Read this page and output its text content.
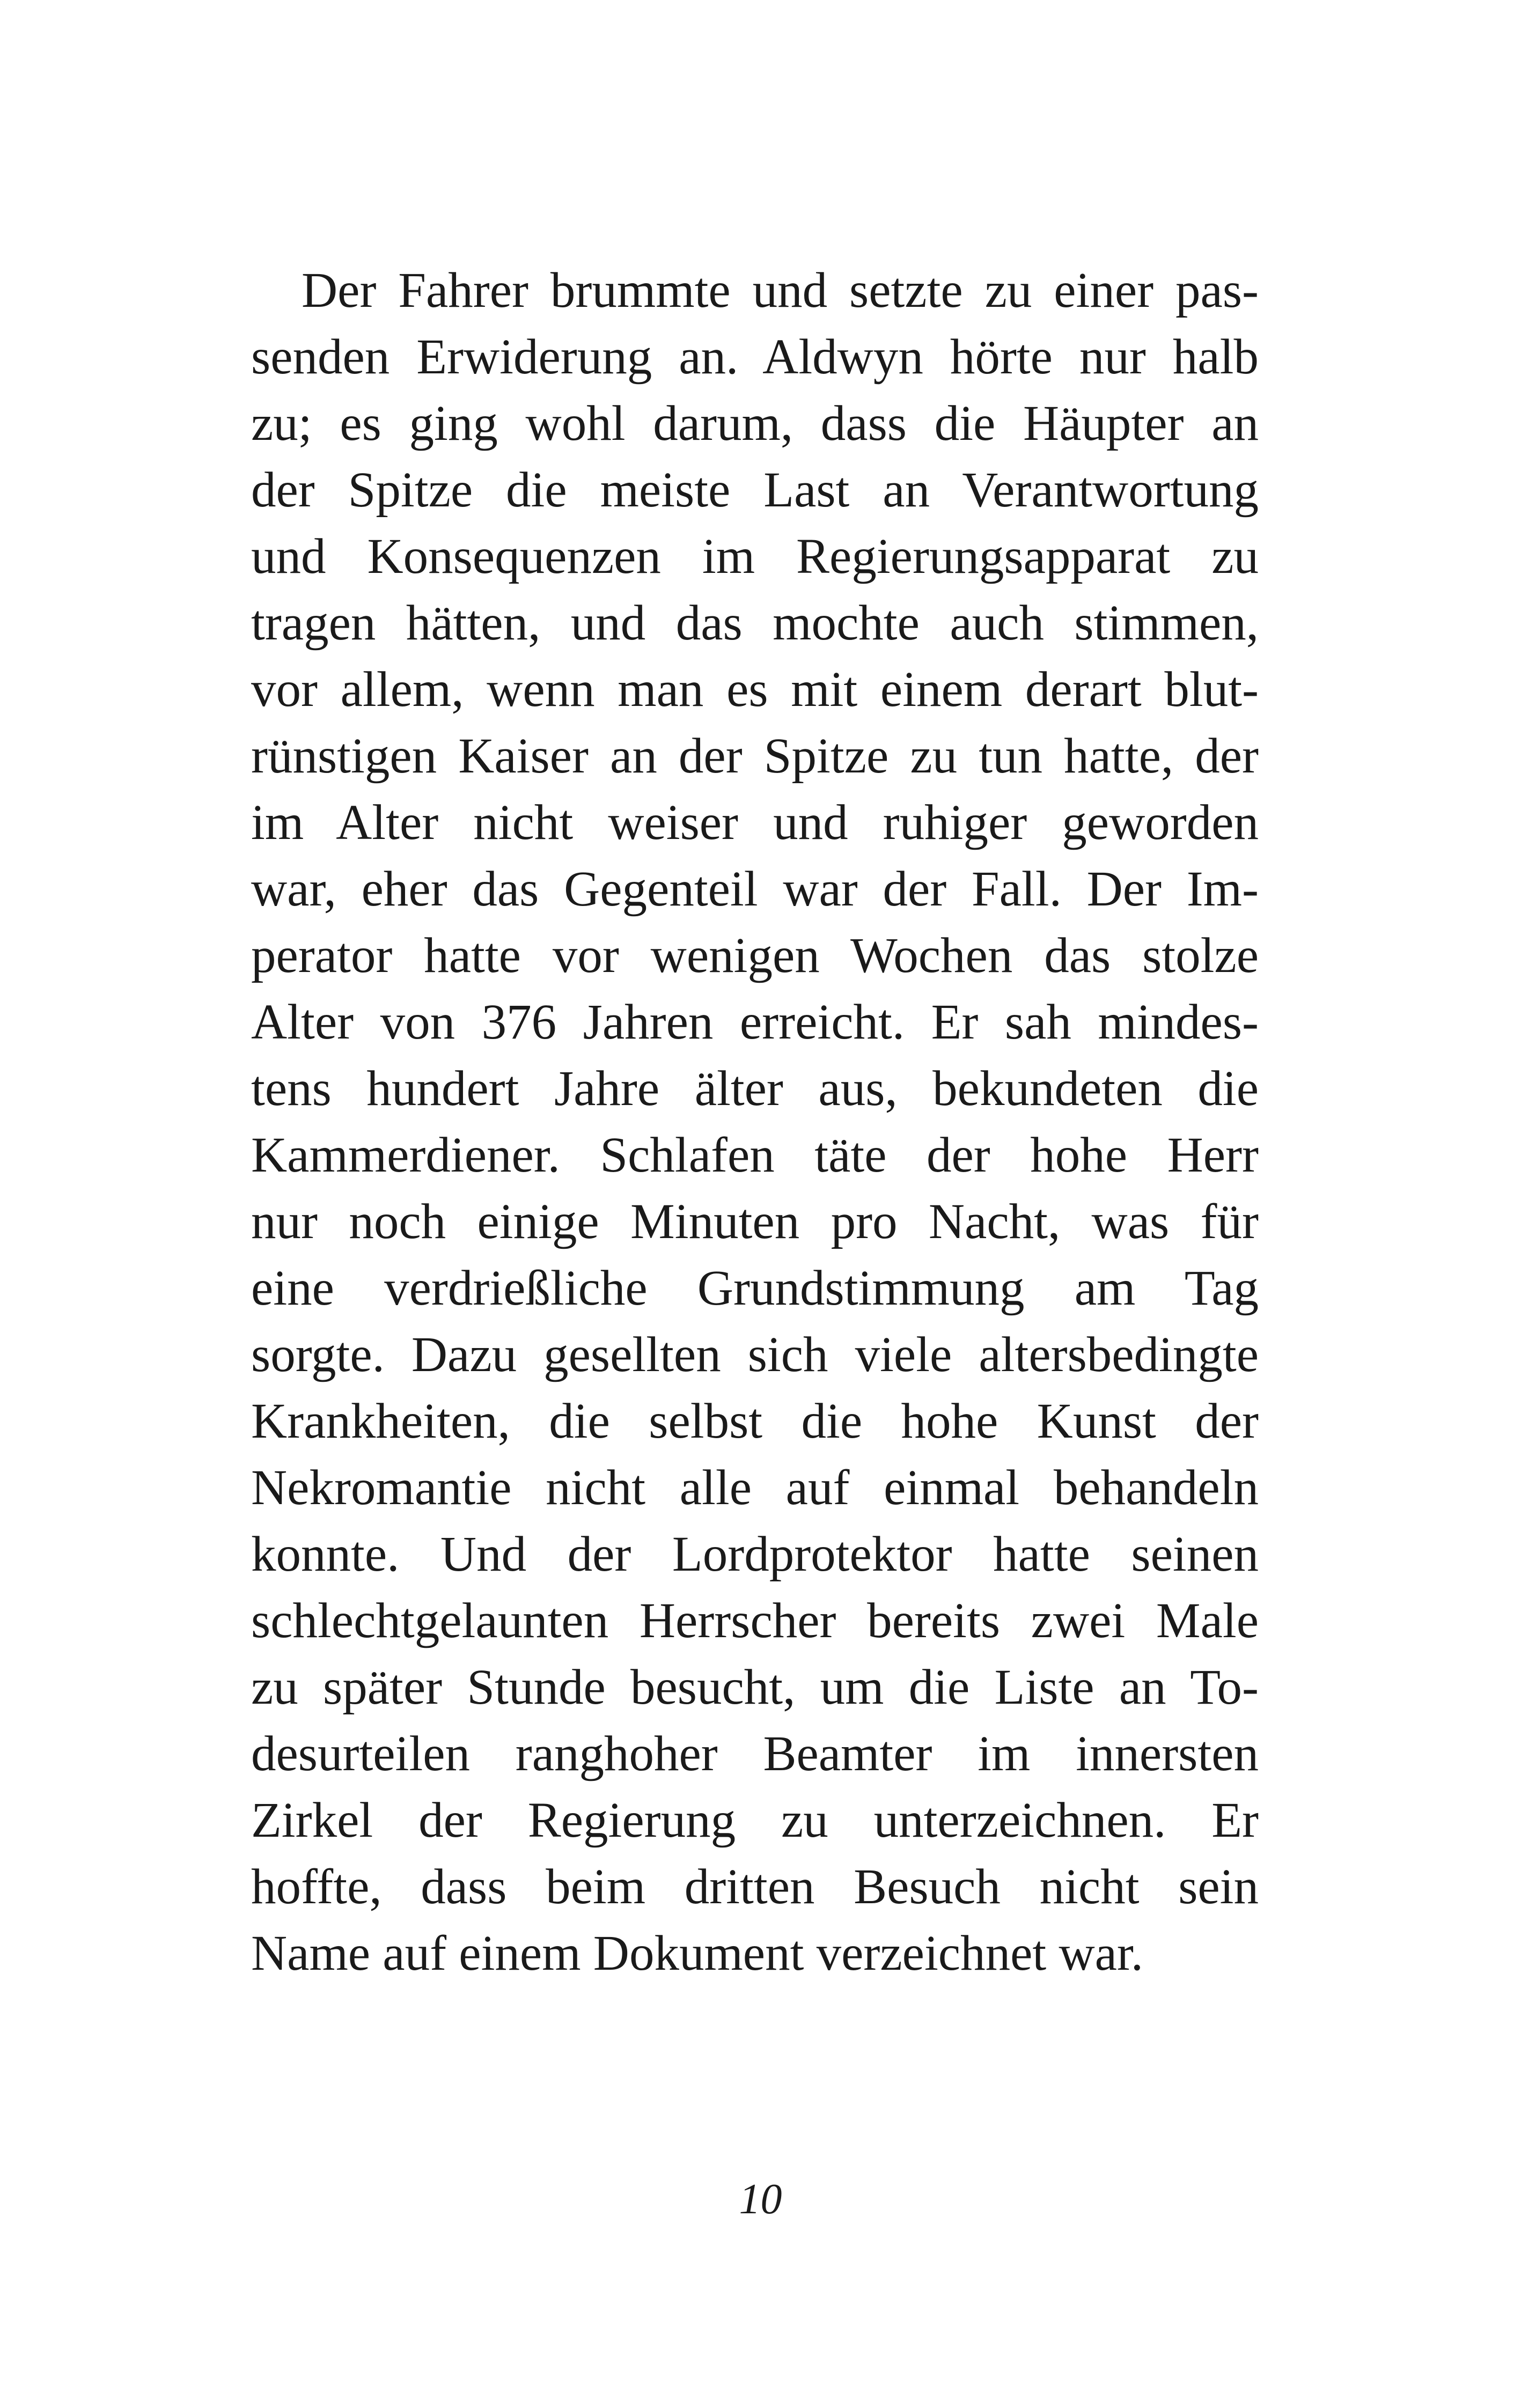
Der Fahrer brummte und setzte zu einer pas-
senden Erwiderung an. Aldwyn hörte nur halb
zu; es ging wohl darum, dass die Häupter an
der Spitze die meiste Last an Verantwortung
und Konsequenzen im Regierungsapparat zu
tragen hätten, und das mochte auch stimmen,
vor allem, wenn man es mit einem derart blut-
rünstigen Kaiser an der Spitze zu tun hatte, der
im Alter nicht weiser und ruhiger geworden
war, eher das Gegenteil war der Fall. Der Im-
perator hatte vor wenigen Wochen das stolze
Alter von 376 Jahren erreicht. Er sah mindes-
tens hundert Jahre älter aus, bekundeten die
Kammerdiener. Schlafen täte der hohe Herr
nur noch einige Minuten pro Nacht, was für
eine verdrießliche Grundstimmung am Tag
sorgte. Dazu gesellten sich viele altersbedingte
Krankheiten, die selbst die hohe Kunst der
Nekromantie nicht alle auf einmal behandeln
konnte. Und der Lordprotektor hatte seinen
schlechtgelaunten Herrscher bereits zwei Male
zu später Stunde besucht, um die Liste an To-
desurteilen ranghoher Beamter im innersten
Zirkel der Regierung zu unterzeichnen. Er
hoffte, dass beim dritten Besuch nicht sein
Name auf einem Dokument verzeichnet war.

10
